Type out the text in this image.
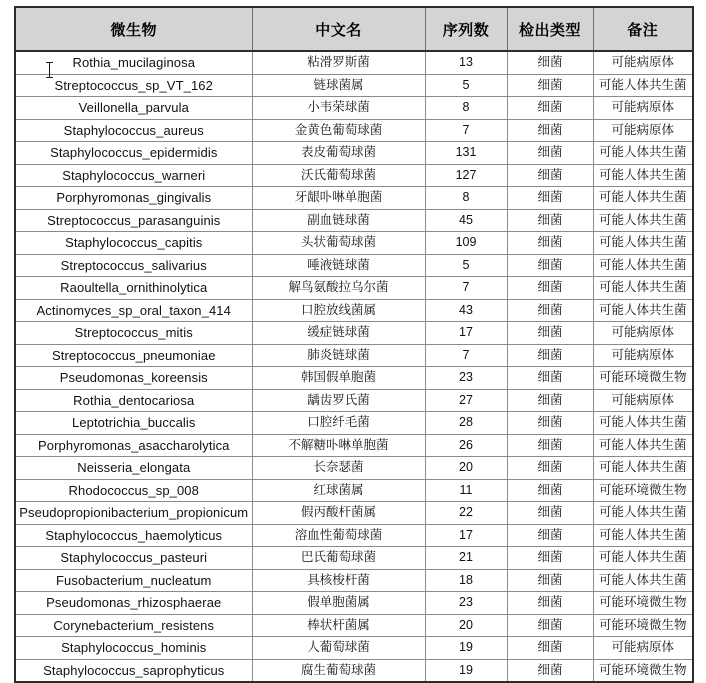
微生物	中文名	序列数	检出类型	备注
Rothia_mucilaginosa	粘滑罗斯菌	13	细菌	可能病原体
Streptococcus_sp_VT_162	链球菌属	5	细菌	可能人体共生菌
Veillonella_parvula	小韦荣球菌	8	细菌	可能病原体
Staphylococcus_aureus	金黄色葡萄球菌	7	细菌	可能病原体
Staphylococcus_epidermidis	表皮葡萄球菌	131	细菌	可能人体共生菌
Staphylococcus_warneri	沃氏葡萄球菌	127	细菌	可能人体共生菌
Porphyromonas_gingivalis	牙龈卟啉单胞菌	8	细菌	可能人体共生菌
Streptococcus_parasanguinis	副血链球菌	45	细菌	可能人体共生菌
Staphylococcus_capitis	头状葡萄球菌	109	细菌	可能人体共生菌
Streptococcus_salivarius	唾液链球菌	5	细菌	可能人体共生菌
Raoultella_ornithinolytica	解鸟氨酸拉乌尔菌	7	细菌	可能人体共生菌
Actinomyces_sp_oral_taxon_414	口腔放线菌属	43	细菌	可能人体共生菌
Streptococcus_mitis	缓症链球菌	17	细菌	可能病原体
Streptococcus_pneumoniae	肺炎链球菌	7	细菌	可能病原体
Pseudomonas_koreensis	韩国假单胞菌	23	细菌	可能环境微生物
Rothia_dentocariosa	龋齿罗氏菌	27	细菌	可能病原体
Leptotrichia_buccalis	口腔纤毛菌	28	细菌	可能人体共生菌
Porphyromonas_asaccharolytica	不解糖卟啉单胞菌	26	细菌	可能人体共生菌
Neisseria_elongata	长奈瑟菌	20	细菌	可能人体共生菌
Rhodococcus_sp_008	红球菌属	11	细菌	可能环境微生物
Pseudopropionibacterium_propionicum	假丙酸杆菌属	22	细菌	可能人体共生菌
Staphylococcus_haemolyticus	溶血性葡萄球菌	17	细菌	可能人体共生菌
Staphylococcus_pasteuri	巴氏葡萄球菌	21	细菌	可能人体共生菌
Fusobacterium_nucleatum	具核梭杆菌	18	细菌	可能人体共生菌
Pseudomonas_rhizosphaerae	假单胞菌属	23	细菌	可能环境微生物
Corynebacterium_resistens	棒状杆菌属	20	细菌	可能环境微生物
Staphylococcus_hominis	人葡萄球菌	19	细菌	可能病原体
Staphylococcus_saprophyticus	腐生葡萄球菌	19	细菌	可能环境微生物
